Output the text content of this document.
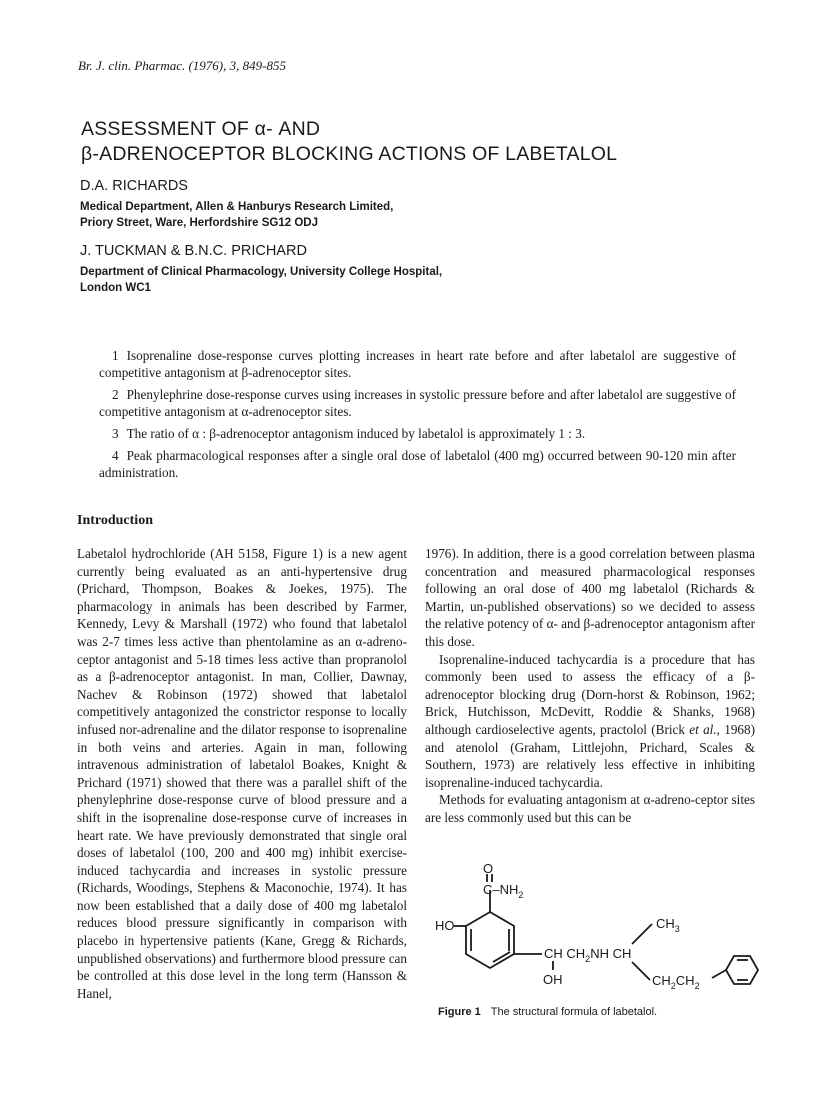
Br. J. clin. Pharmac. (1976), 3, 849-855
ASSESSMENT OF α- AND
β-ADRENOCEPTOR BLOCKING ACTIONS OF LABETALOL
D.A. RICHARDS
Medical Department, Allen & Hanburys Research Limited,
Priory Street, Ware, Herfordshire SG12 ODJ
J. TUCKMAN & B.N.C. PRICHARD
Department of Clinical Pharmacology, University College Hospital,
London WC1

1 Isoprenaline dose-response curves plotting increases in heart rate before and after labetalol are suggestive of competitive antagonism at β-adrenoceptor sites.

2 Phenylephrine dose-response curves using increases in systolic pressure before and after labetalol are suggestive of competitive antagonism at α-adrenoceptor sites.

3 The ratio of α : β-adrenoceptor antagonism induced by labetalol is approximately 1 : 3.

4 Peak pharmacological responses after a single oral dose of labetalol (400 mg) occurred between 90-120 min after administration.

Introduction

Labetalol hydrochloride (AH 5158, Figure 1) is a new agent currently being evaluated as an anti-hypertensive drug (Prichard, Thompson, Boakes & Joekes, 1975). The pharmacology in animals has been described by Farmer, Kennedy, Levy & Marshall (1972) who found that labetalol was 2-7 times less active than phentolamine as an α-adreno-ceptor antagonist and 5-18 times less active than propranolol as a β-adrenoceptor antagonist. In man, Collier, Dawnay, Nachev & Robinson (1972) showed that labetalol competitively antagonized the constrictor response to locally infused nor-adrenaline and the dilator response to isoprenaline in both veins and arteries. Again in man, following intravenous administration of labetalol Boakes, Knight & Prichard (1971) showed that there was a parallel shift of the phenylephrine dose-response curve of blood pressure and a shift in the isoprenaline dose-response curve of increases in heart rate. We have previously demonstrated that single oral doses of labetalol (100, 200 and 400 mg) inhibit exercise-induced tachycardia and increases in systolic pressure (Richards, Woodings, Stephens & Maconochie, 1974). It has now been established that a daily dose of 400 mg labetalol reduces blood pressure significantly in comparison with placebo in hypertensive patients (Kane, Gregg & Richards, unpublished observations) and furthermore blood pressure can be controlled at this dose level in the long term (Hansson & Hanel,

1976). In addition, there is a good correlation between plasma concentration and measured pharmacological responses following an oral dose of 400 mg labetalol (Richards & Martin, un-published observations) so we decided to assess the relative potency of α- and β-adrenoceptor antagonism after this dose.

Isoprenaline-induced tachycardia is a procedure that has commonly been used to assess the efficacy of a β-adrenoceptor blocking drug (Dorn-horst & Robinson, 1962; Brick, Hutchisson, McDevitt, Roddie & Shanks, 1968) although cardioselective agents, practolol (Brick et al., 1968) and atenolol (Graham, Littlejohn, Prichard, Scales & Southern, 1973) are relatively less effective in inhibiting isoprenaline-induced tachycardia.

Methods for evaluating antagonism at α-adreno-ceptor sites are less commonly used but this can be

O
$C-NH_2$
HO	$CH_3$
CH $CH_2NH$ CH
OH	$CH_2CH_2$
Figure 1 The structural formula of labetalol.
